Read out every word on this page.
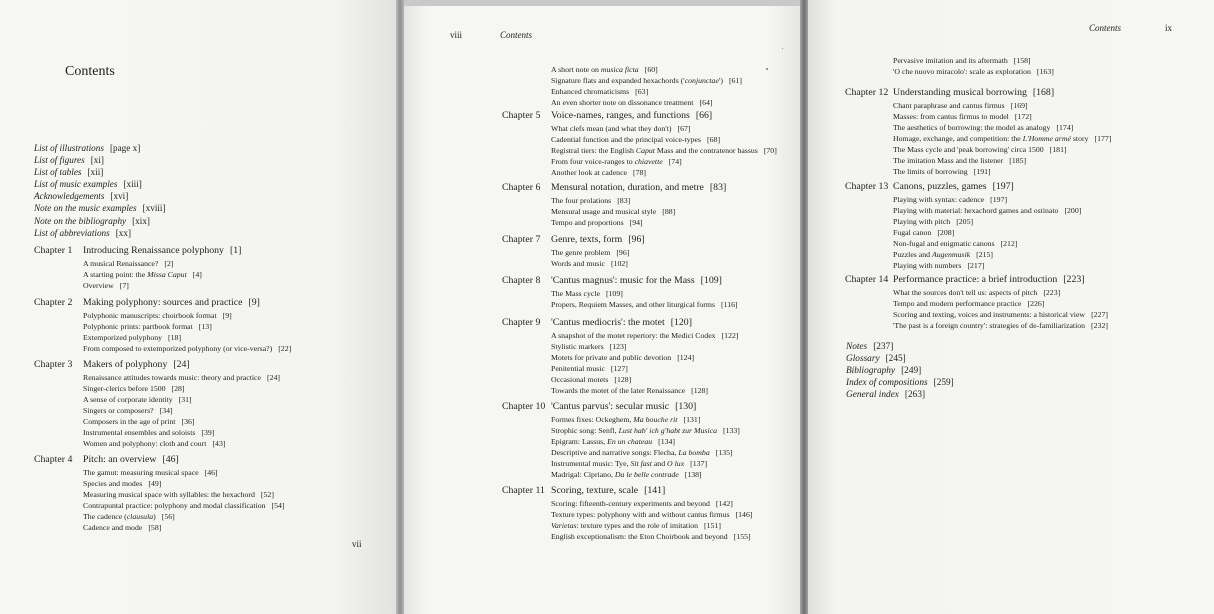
Contents
List of illustrations [page x]
List of figures [xi]
List of tables [xii]
List of music examples [xiii]
Acknowledgements [xvi]
Note on the music examples [xviii]
Note on the bibliography [xix]
List of abbreviations [xx]
Chapter 1 Introducing Renaissance polyphony [1]
A musical Renaissance? [2]
A starting point: the Missa Caput [4]
Overview [7]
Chapter 2 Making polyphony: sources and practice [9]
Polyphonic manuscripts: choirbook format [9]
Polyphonic prints: partbook format [13]
Extemporized polyphony [18]
From composed to extemporized polyphony (or vice-versa?) [22]
Chapter 3 Makers of polyphony [24]
Renaissance attitudes towards music: theory and practice [24]
Singer-clerics before 1500 [28]
A sense of corporate identity [31]
Singers or composers? [34]
Composers in the age of print [36]
Instrumental ensembles and soloists [39]
Women and polyphony: cloth and court [43]
Chapter 4 Pitch: an overview [46]
The gamut: measuring musical space [46]
Species and modes [49]
Measuring musical space with syllables: the hexachord [52]
Contrapuntal practice: polyphony and modal classification [54]
The cadence (clausula) [56]
Cadence and mode [58]
vii
viii	Contents
A short note on musica ficta [60]
Signature flats and expanded hexachords ('conjunctae') [61]
Enhanced chromaticisms [63]
An even shorter note on dissonance treatment [64]
Chapter 5 Voice-names, ranges, and functions [66]
What clefs mean (and what they don't) [67]
Cadential function and the principal voice-types [68]
Registral tiers: the English Caput Mass and the contratenor bassus [70]
From four voice-ranges to chiavette [74]
Another look at cadence [78]
Chapter 6 Mensural notation, duration, and metre [83]
The four prolations [83]
Mensural usage and musical style [88]
Tempo and proportions [94]
Chapter 7 Genre, texts, form [96]
The genre problem [96]
Words and music [102]
Chapter 8 'Cantus magnus': music for the Mass [109]
The Mass cycle [109]
Propers, Requiem Masses, and other liturgical forms [116]
Chapter 9 'Cantus mediocris': the motet [120]
A snapshot of the motet repertory: the Medici Codex [122]
Stylistic markers [123]
Motets for private and public devotion [124]
Penitential music [127]
Occasional motets [128]
Towards the motet of the later Renaissance [128]
Chapter 10 'Cantus parvus': secular music [130]
Formes fixes: Ockeghem, Ma bouche rit [131]
Strophic song: Senfl, Lust hab' ich g'habt zur Musica [133]
Epigram: Lassus, En un chateau [134]
Descriptive and narrative songs: Flecha, La bomba [135]
Instrumental music: Tye, Sit fast and O lux [137]
Madrigal: Cipriano, Da le belle contrade [138]
Chapter 11 Scoring, texture, scale [141]
Scoring: fifteenth-century experiments and beyond [142]
Texture types: polyphony with and without cantus firmus [146]
Varietas: texture types and the role of imitation [151]
English exceptionalism: the Eton Choirbook and beyond [155]
Contents	ix
Pervasive imitation and its aftermath [158]
'O che nuovo miracolo': scale as exploration [163]
Chapter 12 Understanding musical borrowing [168]
Chant paraphrase and cantus firmus [169]
Masses: from cantus firmus to model [172]
The aesthetics of borrowing: the model as analogy [174]
Homage, exchange, and competition: the L'Homme armé story [177]
The Mass cycle and 'peak borrowing' circa 1500 [181]
The imitation Mass and the listener [185]
The limits of borrowing [191]
Chapter 13 Canons, puzzles, games [197]
Playing with syntax: cadence [197]
Playing with material: hexachord games and ostinato [200]
Playing with pitch [205]
Fugal canon [208]
Non-fugal and enigmatic canons [212]
Puzzles and Augenmusik [215]
Playing with numbers [217]
Chapter 14 Performance practice: a brief introduction [223]
What the sources don't tell us: aspects of pitch [223]
Tempo and modern performance practice [226]
Scoring and texting, voices and instruments: a historical view [227]
'The past is a foreign country': strategies of de-familiarization [232]
Notes [237]
Glossary [245]
Bibliography [249]
Index of compositions [259]
General index [263]
